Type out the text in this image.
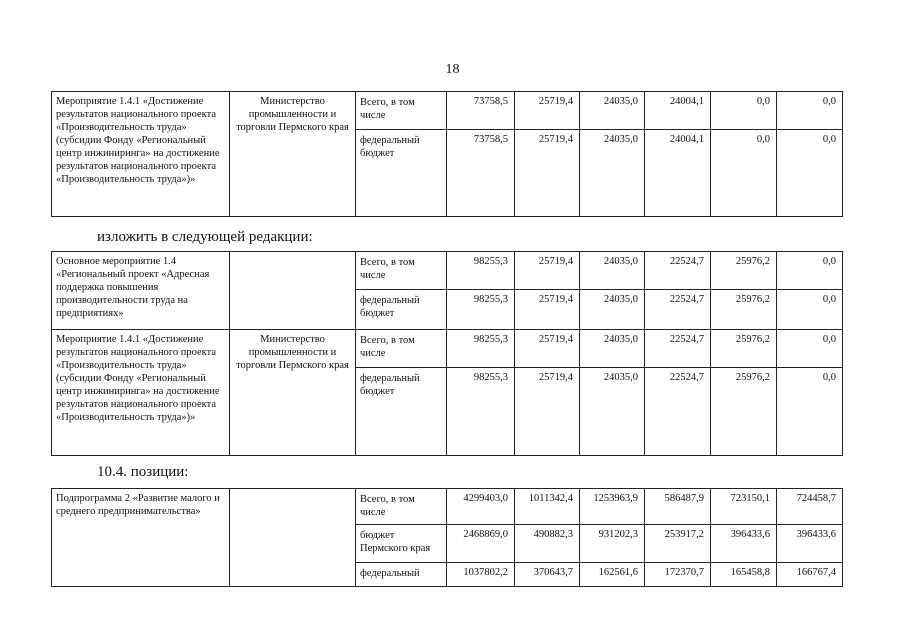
18
Мероприятие 1.4.1 «Достижение результатов национального проекта «Производительность труда» (субсидии Фонду «Региональный центр инжиниринга» на достижение результатов национального проекта «Производительность труда»)»	Министерство промышленности и торговли Пермского края	Всего, в том числе	73758,5	25719,4	24035,0	24004,1	0,0	0,0
		федеральный бюджет	73758,5	25719,4	24035,0	24004,1	0,0	0,0
изложить в следующей редакции:
Основное мероприятие 1.4 «Региональный проект «Адресная поддержка повышения производительности труда на предприятиях»		Всего, в том числе	98255,3	25719,4	24035,0	22524,7	25976,2	0,0
		федеральный бюджет	98255,3	25719,4	24035,0	22524,7	25976,2	0,0
Мероприятие 1.4.1 «Достижение результатов национального проекта «Производительность труда» (субсидии Фонду «Региональный центр инжиниринга» на достижение результатов национального проекта «Производительность труда»)»	Министерство промышленности и торговли Пермского края	Всего, в том числе	98255,3	25719,4	24035,0	22524,7	25976,2	0,0
		федеральный бюджет	98255,3	25719,4	24035,0	22524,7	25976,2	0,0
10.4. позиции:
Подпрограмма 2 «Развитие малого и среднего предпринимательства»		Всего, в том числе	4299403,0	1011342,4	1253963,9	586487,9	723150,1	724458,7
		бюджет Пермского края	2468869,0	490882,3	931202,3	253917,2	396433,6	396433,6
		федеральный	1037802,2	370643,7	162561,6	172370,7	165458,8	166767,4
